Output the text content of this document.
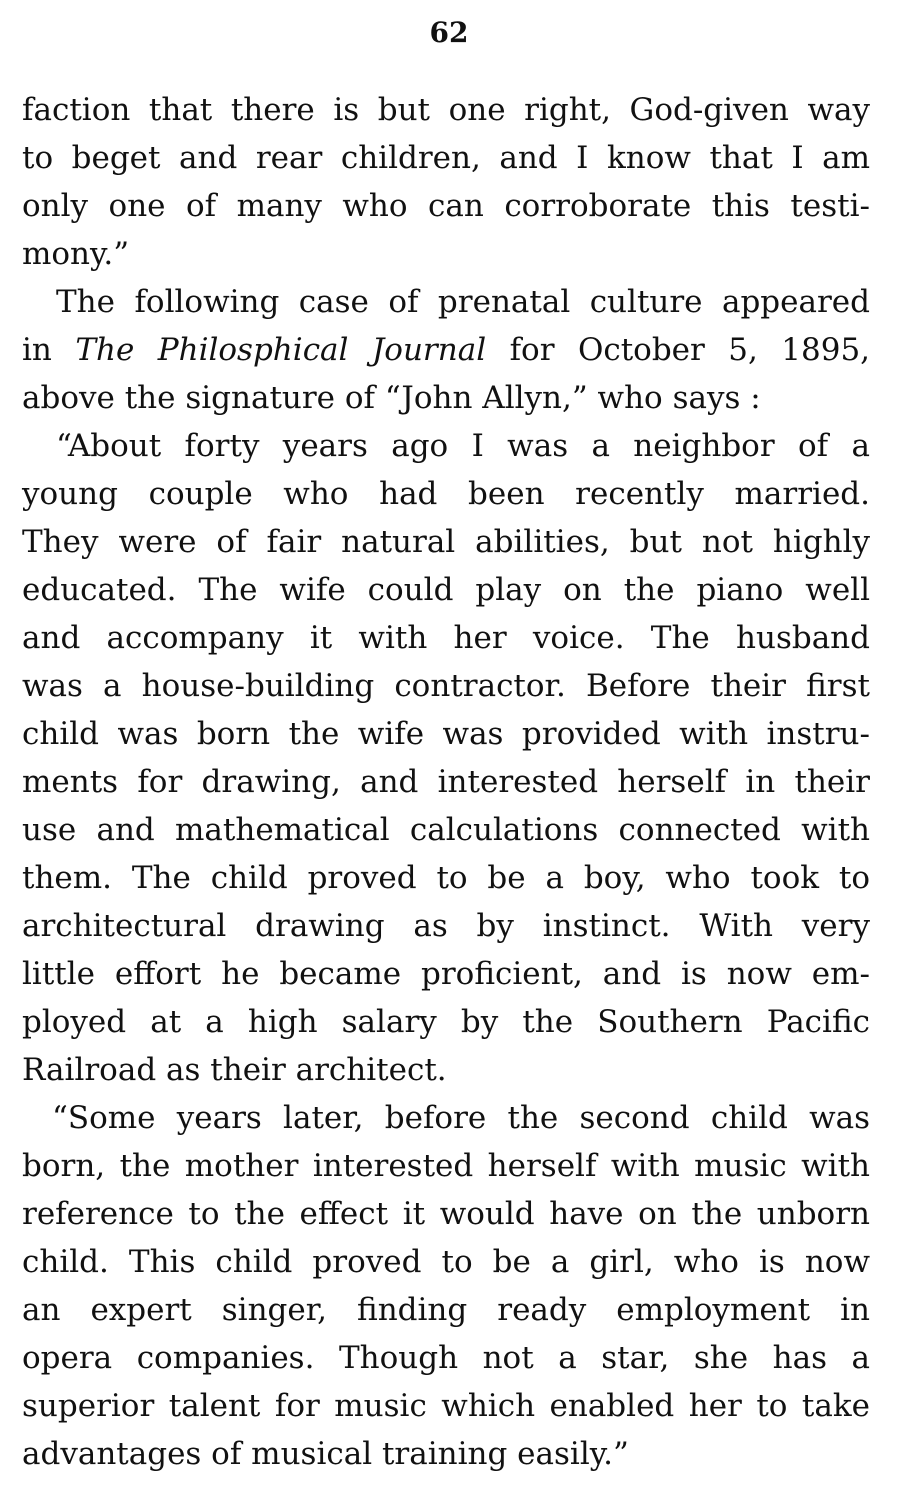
62
faction that there is but one right, God-given way
to beget and rear children, and I know that I am
only one of many who can corroborate this testi-
mony.”
The following case of prenatal culture appeared
in The Philosphical Journal for October 5, 1895,
above the signature of “John Allyn,” who says :
“About forty years ago I was a neighbor of a
young couple who had been recently married.
They were of fair natural abilities, but not highly
educated. The wife could play on the piano well
and accompany it with her voice. The husband
was a house-building contractor. Before their first
child was born the wife was provided with instru-
ments for drawing, and interested herself in their
use and mathematical calculations connected with
them. The child proved to be a boy, who took to
architectural drawing as by instinct. With very
little effort he became proficient, and is now em-
ployed at a high salary by the Southern Pacific
Railroad as their architect.
“Some years later, before the second child was
born, the mother interested herself with music with
reference to the effect it would have on the unborn
child. This child proved to be a girl, who is now
an expert singer, finding ready employment in
opera companies. Though not a star, she has a
superior talent for music which enabled her to take
advantages of musical training easily.”
